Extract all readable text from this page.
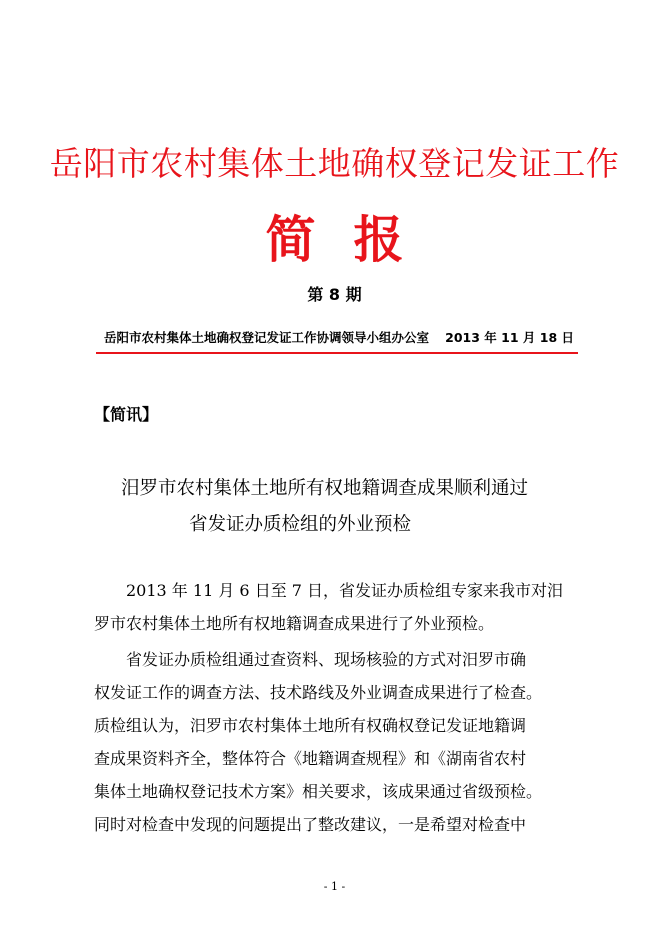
岳阳市农村集体土地确权登记发证工作
简报
第 8 期
岳阳市农村集体土地确权登记发证工作协调领导小组办公室 2013 年 11 月 18 日
【简讯】
汨罗市农村集体土地所有权地籍调查成果顺利通过
省发证办质检组的外业预检

2013 年 11 月 6 日至 7 日，省发证办质检组专家来我市对汨
罗市农村集体土地所有权地籍调查成果进行了外业预检。

省发证办质检组通过查资料、现场核验的方式对汨罗市确
权发证工作的调查方法、技术路线及外业调查成果进行了检查。
质检组认为，汨罗市农村集体土地所有权确权登记发证地籍调
查成果资料齐全，整体符合《地籍调查规程》和《湖南省农村
集体土地确权登记技术方案》相关要求，该成果通过省级预检。
同时对检查中发现的问题提出了整改建议，一是希望对检查中

- 1 -
